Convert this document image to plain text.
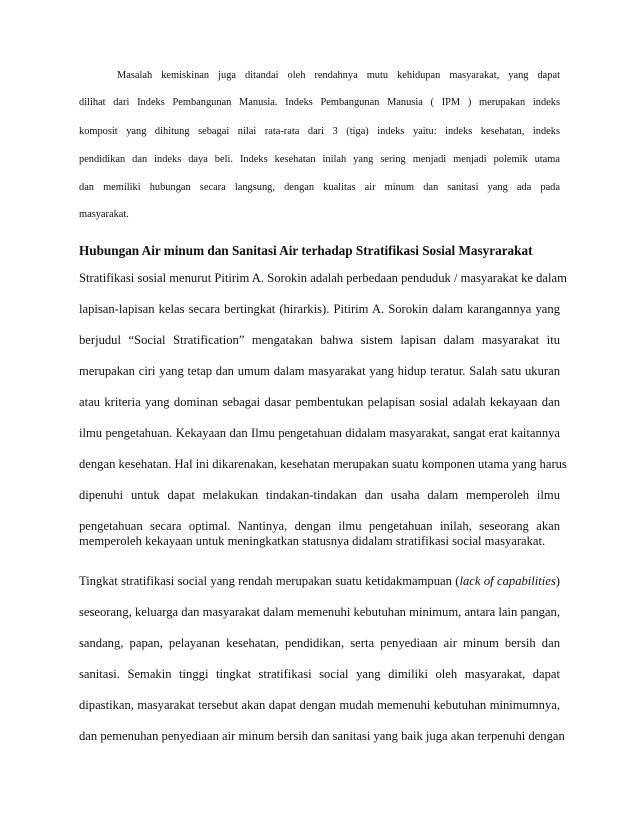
Masalah kemiskinan juga ditandai oleh rendahnya mutu kehidupan masyarakat, yang dapat
dilihat dari Indeks Pembangunan Manusia. Indeks Pembangunan Manusia ( IPM ) merupakan indeks
komposit yang dihitung sebagai nilai rata-rata dari 3 (tiga) indeks yaitu: indeks kesehatan, indeks
pendidikan dan indeks daya beli. Indeks kesehatan inilah yang sering menjadi menjadi polemik utama
dan memiliki hubungan secara langsung, dengan kualitas air minum dan sanitasi yang ada pada
masyarakat.
Hubungan Air minum dan Sanitasi Air terhadap Stratifikasi Sosial Masyrarakat
Stratifikasi sosial menurut Pitirim A. Sorokin adalah perbedaan penduduk / masyarakat ke dalam
lapisan-lapisan kelas secara bertingkat (hirarkis). Pitirim A. Sorokin dalam karangannya yang
berjudul “Social Stratification” mengatakan bahwa sistem lapisan dalam masyarakat itu
merupakan ciri yang tetap dan umum dalam masyarakat yang hidup teratur. Salah satu ukuran
atau kriteria yang dominan sebagai dasar pembentukan pelapisan sosial adalah kekayaan dan
ilmu pengetahuan. Kekayaan dan Ilmu pengetahuan didalam masyarakat, sangat erat kaitannya
dengan kesehatan. Hal ini dikarenakan, kesehatan merupakan suatu komponen utama yang harus
dipenuhi untuk dapat melakukan tindakan-tindakan dan usaha dalam memperoleh ilmu
pengetahuan secara optimal. Nantinya, dengan ilmu pengetahuan inilah, seseorang akan
memperoleh kekayaan untuk meningkatkan statusnya didalam stratifikasi social masyarakat.
Tingkat stratifikasi social yang rendah merupakan suatu ketidakmampuan (lack of capabilities)
seseorang, keluarga dan masyarakat dalam memenuhi kebutuhan minimum, antara lain pangan,
sandang, papan, pelayanan kesehatan, pendidikan, serta penyediaan air minum bersih dan
sanitasi. Semakin tinggi tingkat stratifikasi social yang dimiliki oleh masyarakat, dapat
dipastikan, masyarakat tersebut akan dapat dengan mudah memenuhi kebutuhan minimumnya,
dan pemenuhan penyediaan air minum bersih dan sanitasi yang baik juga akan terpenuhi dengan
